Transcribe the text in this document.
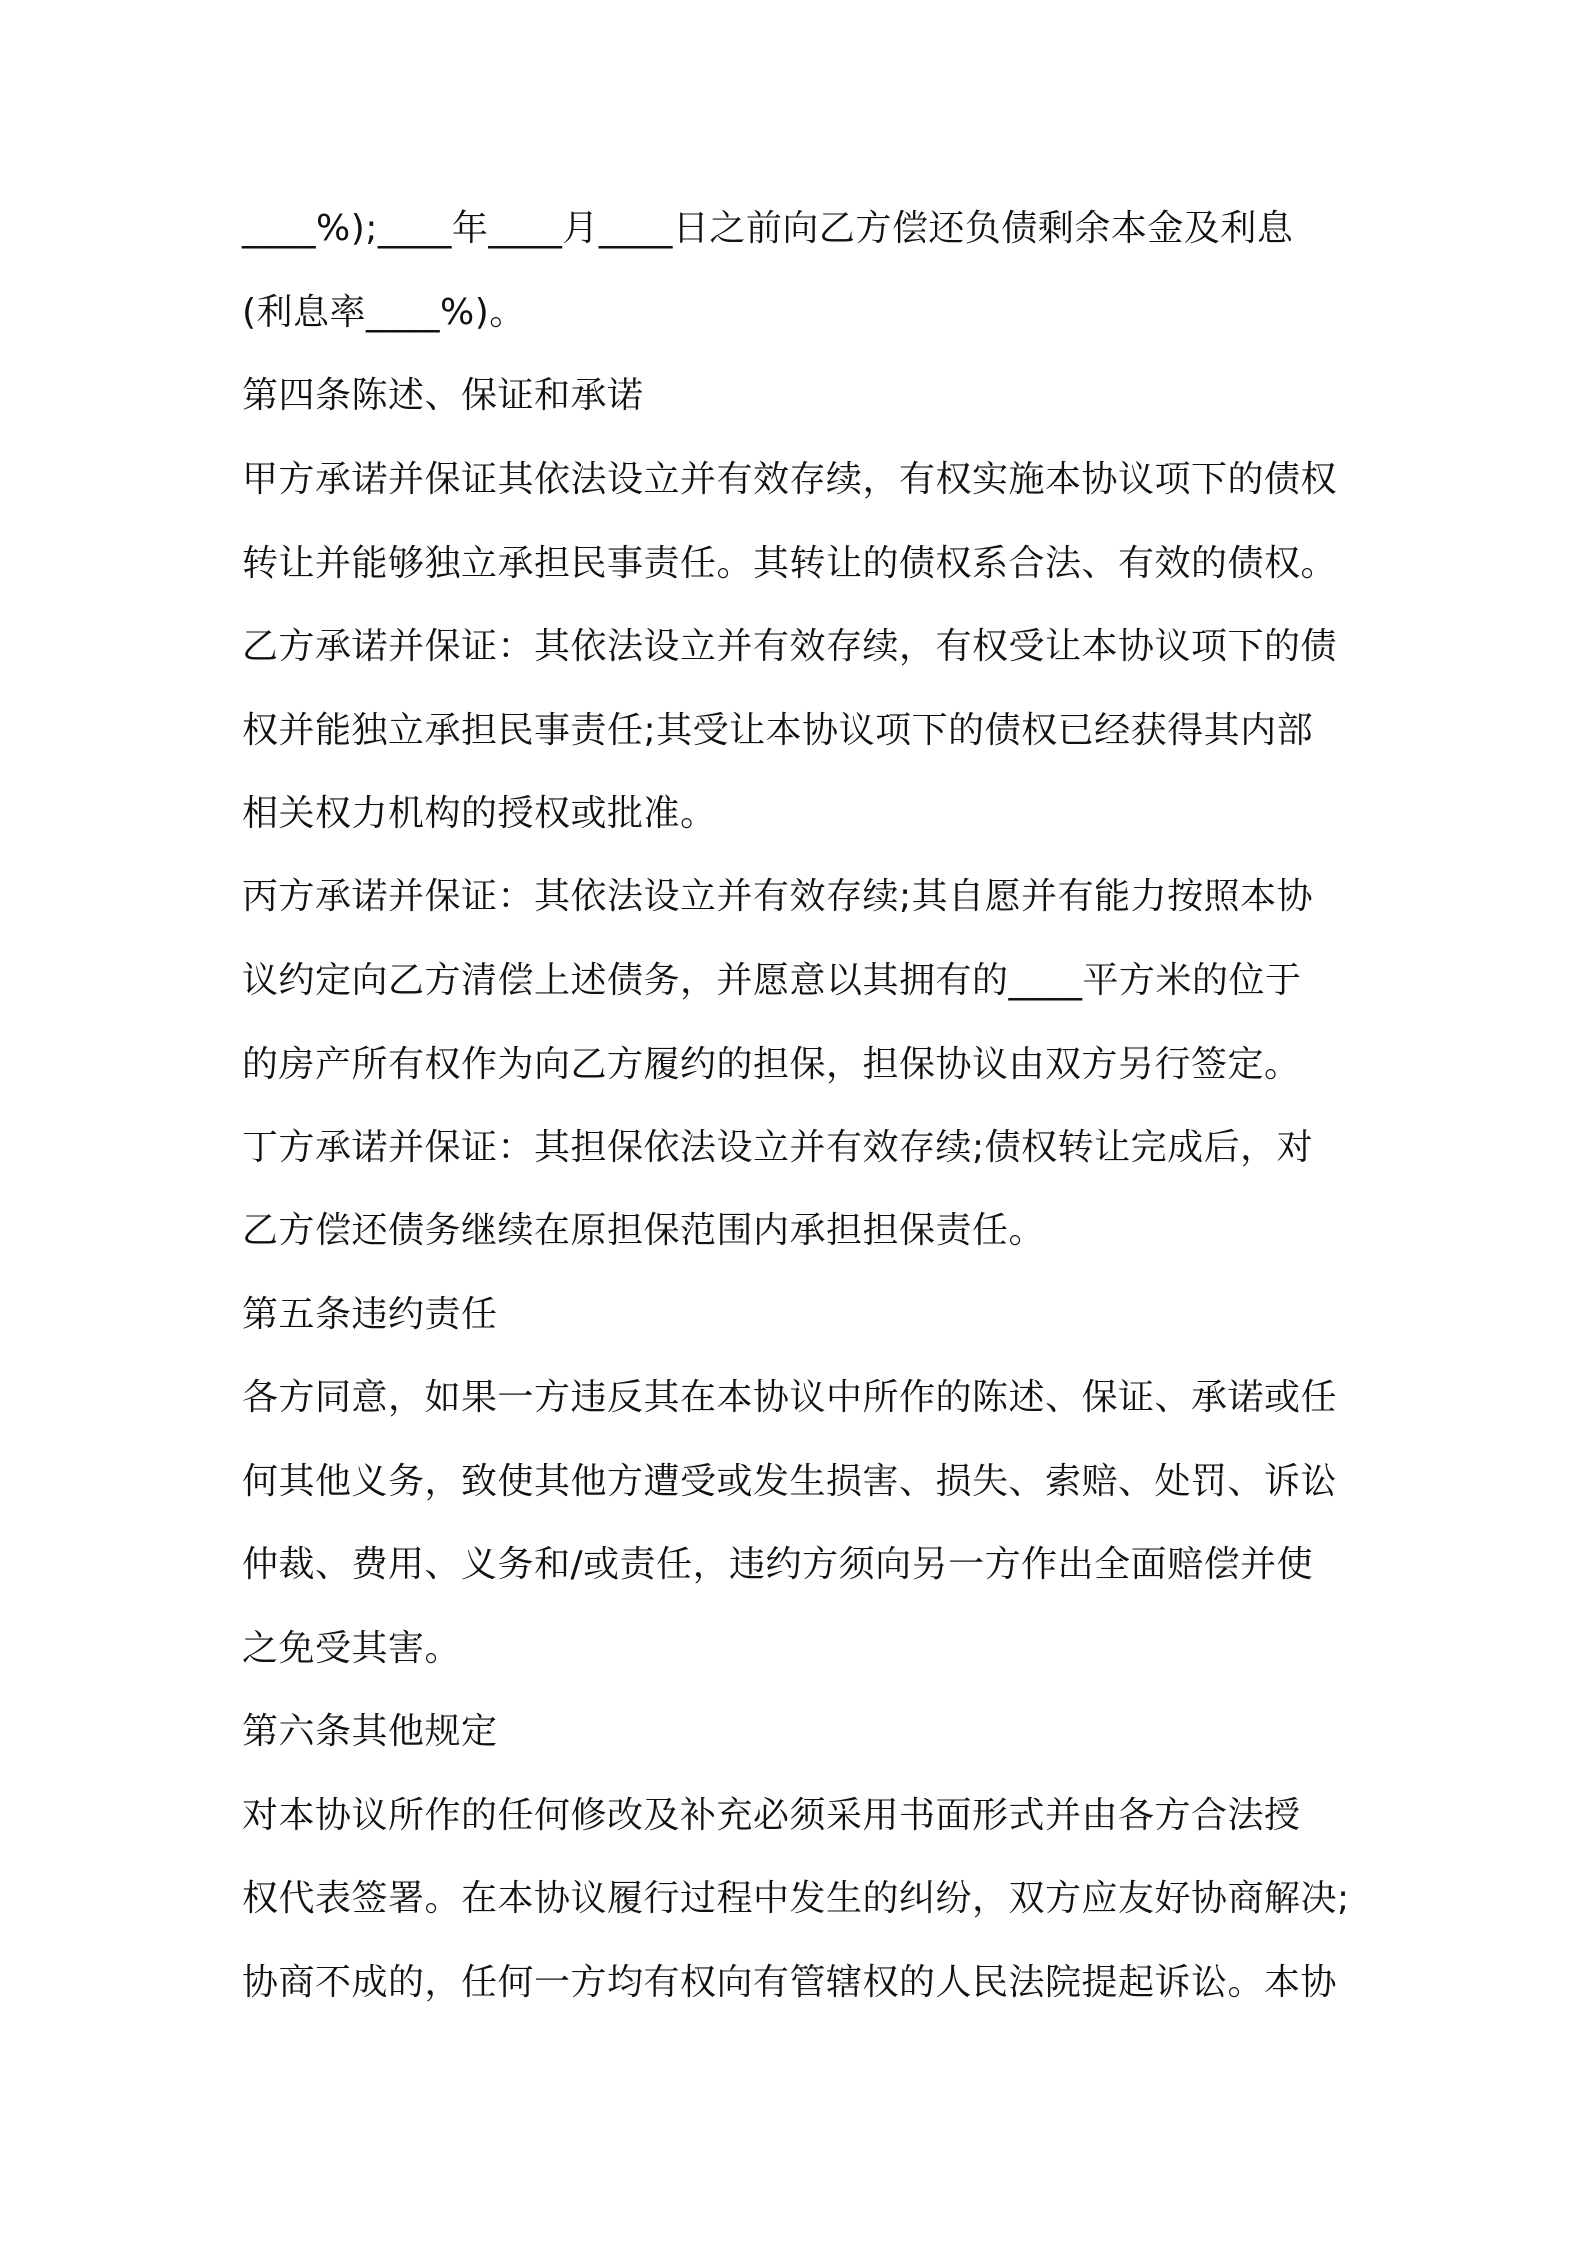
____%);____年____月____日之前向乙方偿还负债剩余本金及利息
(利息率____%)。
第四条陈述、保证和承诺
甲方承诺并保证其依法设立并有效存续，有权实施本协议项下的债权
转让并能够独立承担民事责任。其转让的债权系合法、有效的债权。
乙方承诺并保证：其依法设立并有效存续，有权受让本协议项下的债
权并能独立承担民事责任;其受让本协议项下的债权已经获得其内部
相关权力机构的授权或批准。
丙方承诺并保证：其依法设立并有效存续;其自愿并有能力按照本协
议约定向乙方清偿上述债务，并愿意以其拥有的____平方米的位于
的房产所有权作为向乙方履约的担保，担保协议由双方另行签定。
丁方承诺并保证：其担保依法设立并有效存续;债权转让完成后，对
乙方偿还债务继续在原担保范围内承担担保责任。
第五条违约责任
各方同意，如果一方违反其在本协议中所作的陈述、保证、承诺或任
何其他义务，致使其他方遭受或发生损害、损失、索赔、处罚、诉讼
仲裁、费用、义务和/或责任，违约方须向另一方作出全面赔偿并使
之免受其害。
第六条其他规定
对本协议所作的任何修改及补充必须采用书面形式并由各方合法授
权代表签署。在本协议履行过程中发生的纠纷，双方应友好协商解决;
协商不成的，任何一方均有权向有管辖权的人民法院提起诉讼。本协
